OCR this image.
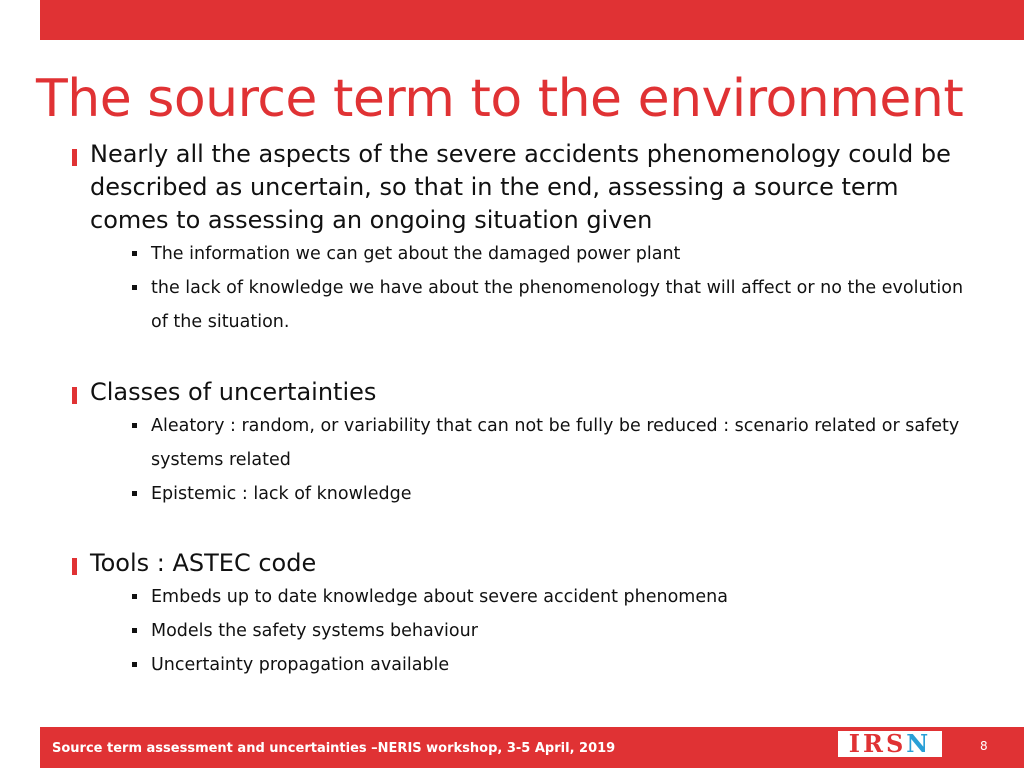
The source term to the environment
Nearly all the aspects of the severe accidents phenomenology could be described as uncertain, so that in the end, assessing a source term comes to assessing an ongoing situation given
The information we can get about the damaged power plant
the lack of knowledge we have about the phenomenology that will affect or no the evolution of the situation.
Classes of uncertainties
Aleatory : random, or variability that can not be fully be reduced : scenario related or safety systems related
Epistemic : lack of knowledge
Tools : ASTEC code
Embeds up to date knowledge about severe accident phenomena
Models the safety systems behaviour
Uncertainty propagation available
Source term assessment and uncertainties –NERIS workshop, 3-5 April, 2019	IRSN	8
